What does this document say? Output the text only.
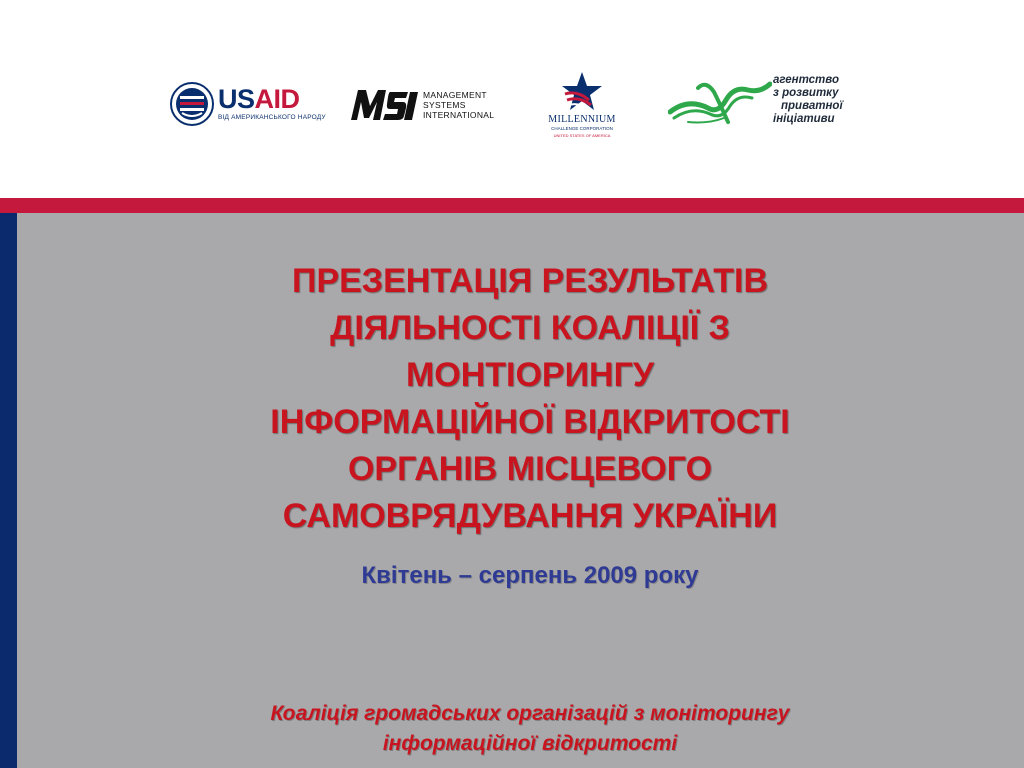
USAID
ВІД АМЕРИКАНСЬКОГО НАРОДУ
MANAGEMENT
SYSTEMS
INTERNATIONAL	MILLENNIUM
CHALLENGE CORPORATION
UNITED STATES OF AMERICA
агентство
з розвитку
приватної
ініціативи
ПРЕЗЕНТАЦІЯ РЕЗУЛЬТАТІВ
ДІЯЛЬНОСТІ КОАЛІЦІЇ З
МОНТІОРИНГУ
ІНФОРМАЦІЙНОЇ ВІДКРИТОСТІ
ОРГАНІВ МІСЦЕВОГО
САМОВРЯДУВАННЯ УКРАЇНИ
Квітень – серпень 2009 року
Коаліція громадських організацій з моніторингу
інформаційної відкритості
